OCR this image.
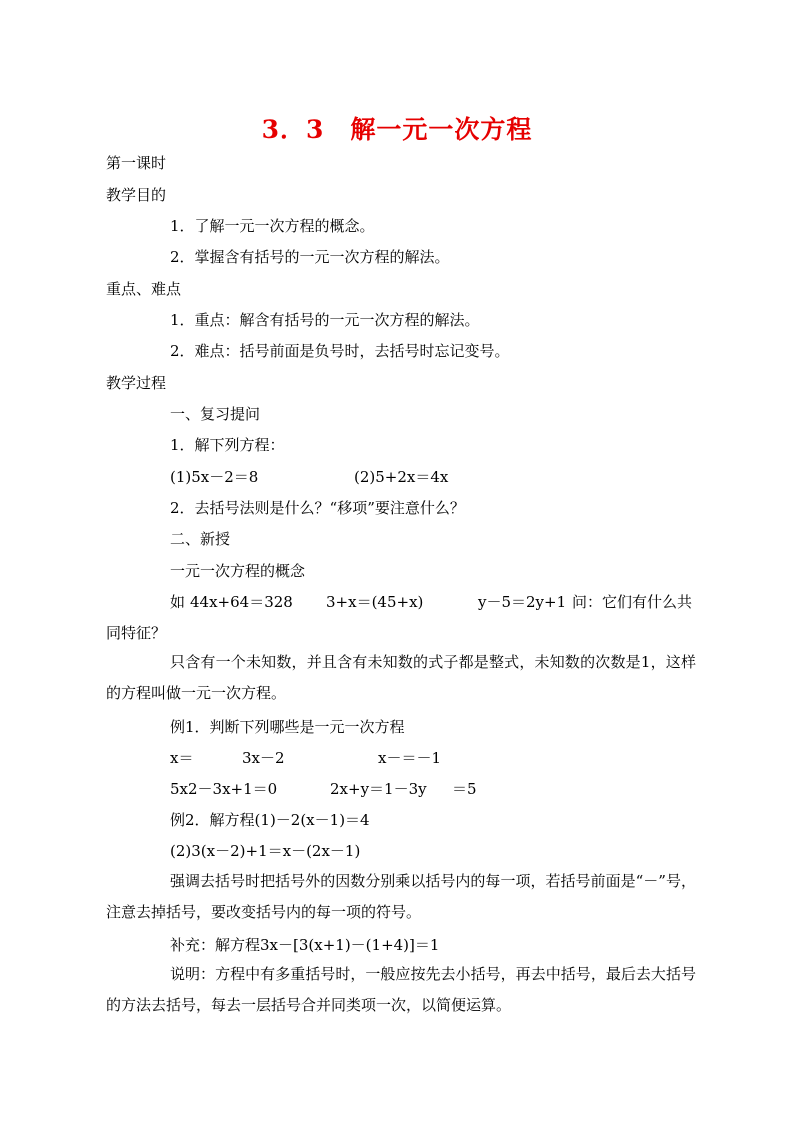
3．3　解一元一次方程
第一课时
教学目的
1．了解一元一次方程的概念。
2．掌握含有括号的一元一次方程的解法。
重点、难点
1．重点：解含有括号的一元一次方程的解法。
2．难点：括号前面是负号时，去括号时忘记变号。
教学过程
一、复习提问
1．解下列方程：
(1)5x－2＝8	(2)5+2x＝4x
2．去括号法则是什么？“移项”要注意什么？
二、新授
一元一次方程的概念
如 44x+64＝328 3+x＝(45+x)	y－5＝2y+1 问：它们有什么共
同特征？
只含有一个未知数，并且含有未知数的式子都是整式，未知数的次数是1，这样的方程叫做一元一次方程。
例1．判断下列哪些是一元一次方程
x＝	3x－2	x－＝－1
5x2－3x+1＝0	2x+y＝1－3y ＝5
例2．解方程(1)－2(x－1)＝4
(2)3(x－2)+1＝x－(2x－1)
强调去括号时把括号外的因数分别乘以括号内的每一项，若括号前面是“－”号，注意去掉括号，要改变括号内的每一项的符号。
补充：解方程3x－[3(x+1)－(1+4)]＝1
说明：方程中有多重括号时，一般应按先去小括号，再去中括号，最后去大括号的方法去括号，每去一层括号合并同类项一次，以简便运算。
